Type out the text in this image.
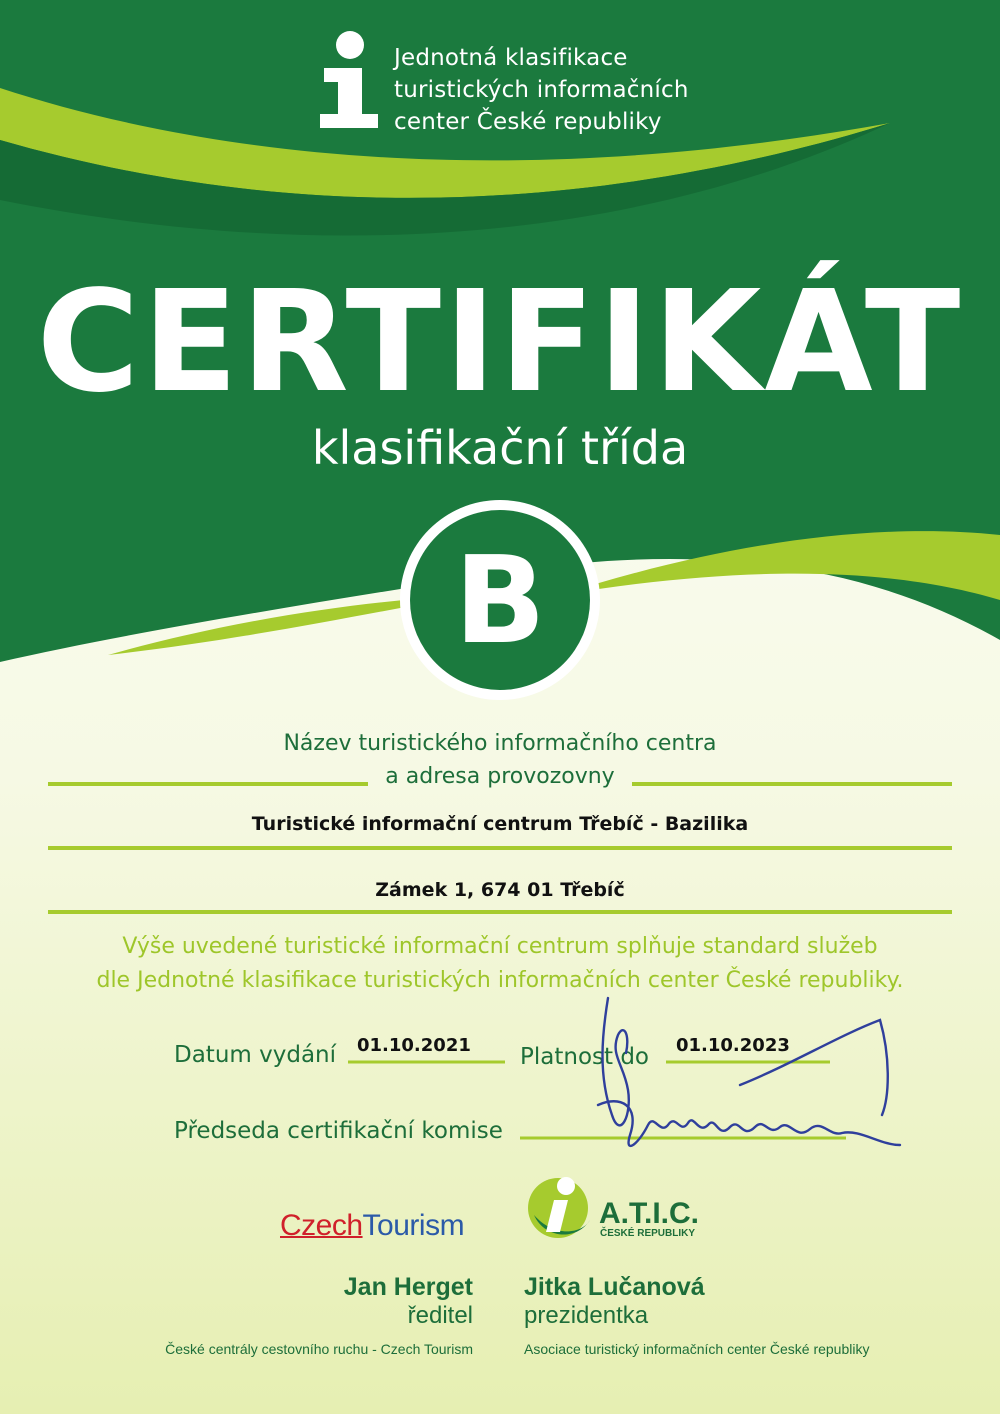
Jednotná klasifikace
turistických informačních
center České republiky
CERTIFIKÁT
klasifikační třída
B
Název turistického informačního centra
a adresa provozovny
Turistické informační centrum Třebíč - Bazilika
Zámek 1, 674 01 Třebíč
Výše uvedené turistické informační centrum splňuje standard služeb
dle Jednotné klasifikace turistických informačních center České republiky.
Datum vydání 01.10.2021 Platnost do 01.10.2023
Předseda certifikační komise
CzechTourism	A.T.I.C.
ČESKÉ REPUBLIKY
Jan Herget
ředitel
České centrály cestovního ruchu - Czech Tourism
Jitka Lučanová
prezidentka
Asociace turistický informačních center České republiky
